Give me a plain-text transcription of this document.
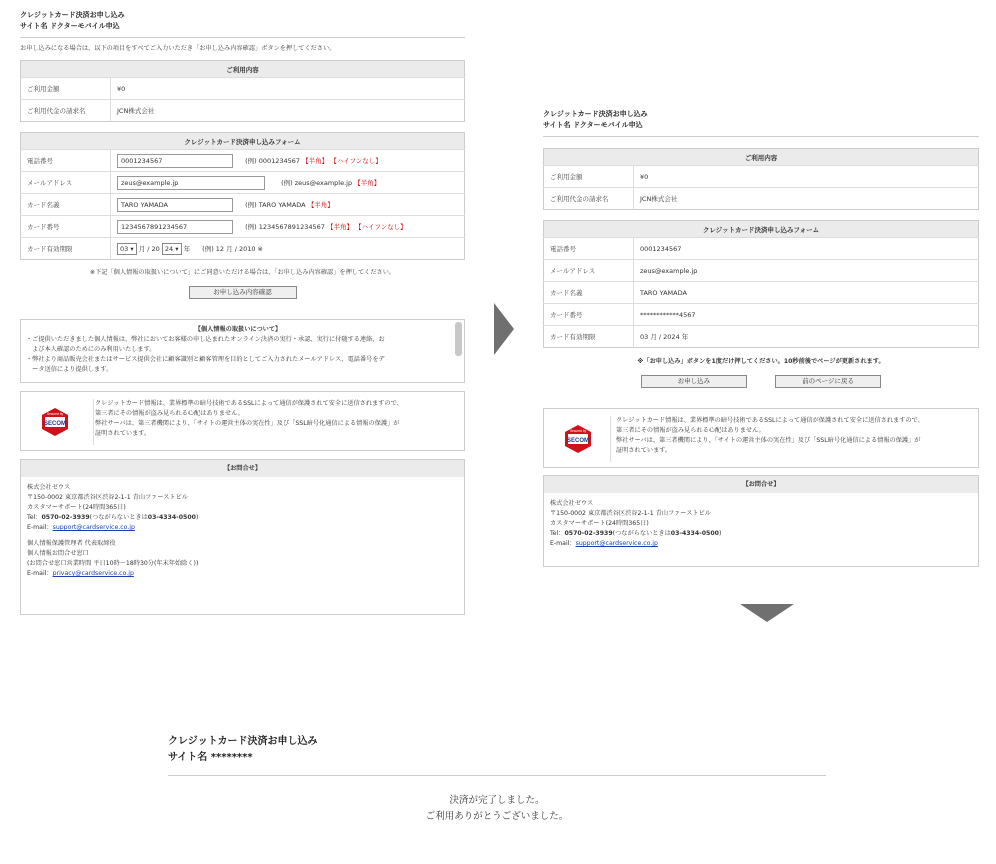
クレジットカード決済お申し込み
サイト名 ドクターモバイル申込
お申し込みになる場合は、以下の項目をすべてご入力いただき「お申し込み内容確認」ボタンを押してください。
ご利用内容	
ご利用金額	¥0
ご利用代金の請求名	JCN株式会社
クレジットカード決済申し込みフォーム	
電話番号	0001234567 (例) 0001234567 【半角】 【ハイフンなし】
メールアドレス	zeus@example.jp (例) zeus@example.jp 【半角】
カード名義	TARO YAMADA (例) TARO YAMADA 【半角】
カード番号	1234567891234567 (例) 1234567891234567 【半角】 【ハイフンなし】
カード有効期限	03 ▾ 月 / 20 24 ▾ 年 (例) 12 月 / 2010 ※
※下記「個人情報の取扱いについて」にご同意いただける場合は、「お申し込み内容確認」を押してください。
お申し込み内容確認
【個人情報の取扱いについて】
・ご提供いただきました個人情報は、弊社においてお客様の申し込まれたオンライン決済の実行・承認、実行に付随する連絡、お
　よび本人確認のためにのみ利用いたします。
・弊社より商品販売会社またはサービス提供会社に顧客識別と顧客管理を目的としてご入力されたメールアドレス、電話番号をデ
　ータ送信により提供します。
Secured by
SECOM
クレジットカード情報は、業界標準の暗号技術であるSSLによって通信が保護されて安全に送信されますので、
第三者にその情報が盗み見られる心配はありません。
弊社サーバは、第三者機関により、「サイトの運営主体の実在性」及び「SSL暗号化通信による情報の保護」が
証明されています。
【お問合せ】
株式会社ゼウス
〒150-0002 東京都渋谷区渋谷2-1-1 青山ファーストビル
カスタマーサポート(24時間365日)
Tel：0570-02-3939(つながらないときは03-4334-0500)
E-mail：support@cardservice.co.jp
個人情報保護管理者 代表取締役
個人情報お問合せ窓口
(お問合せ窓口営業時間 平日10時～18時30分(年末年始除く))
E-mail：privacy@cardservice.co.jp
クレジットカード決済お申し込み
サイト名 ドクターモバイル申込
ご利用内容	
ご利用金額	¥0
ご利用代金の請求名	JCN株式会社
クレジットカード決済申し込みフォーム	
電話番号	0001234567
メールアドレス	zeus@example.jp
カード名義	TARO YAMADA
カード番号	************4567
カード有効期限	03 月 / 2024 年
※「お申し込み」ボタンを1度だけ押してください。10秒前後でページが更新されます。
お申し込み	前のページに戻る
Secured by
SECOM
クレジットカード情報は、業界標準の暗号技術であるSSLによって通信が保護されて安全に送信されますので、
第三者にその情報が盗み見られる心配はありません。
弊社サーバは、第三者機関により、「サイトの運営主体の実在性」及び「SSL暗号化通信による情報の保護」が
証明されています。
【お問合せ】
株式会社ゼウス
〒150-0002 東京都渋谷区渋谷2-1-1 青山ファーストビル
カスタマーサポート(24時間365日)
Tel：0570-02-3939(つながらないときは03-4334-0500)
E-mail：support@cardservice.co.jp
クレジットカード決済お申し込み
サイト名 ********
決済が完了しました。
ご利用ありがとうございました。
